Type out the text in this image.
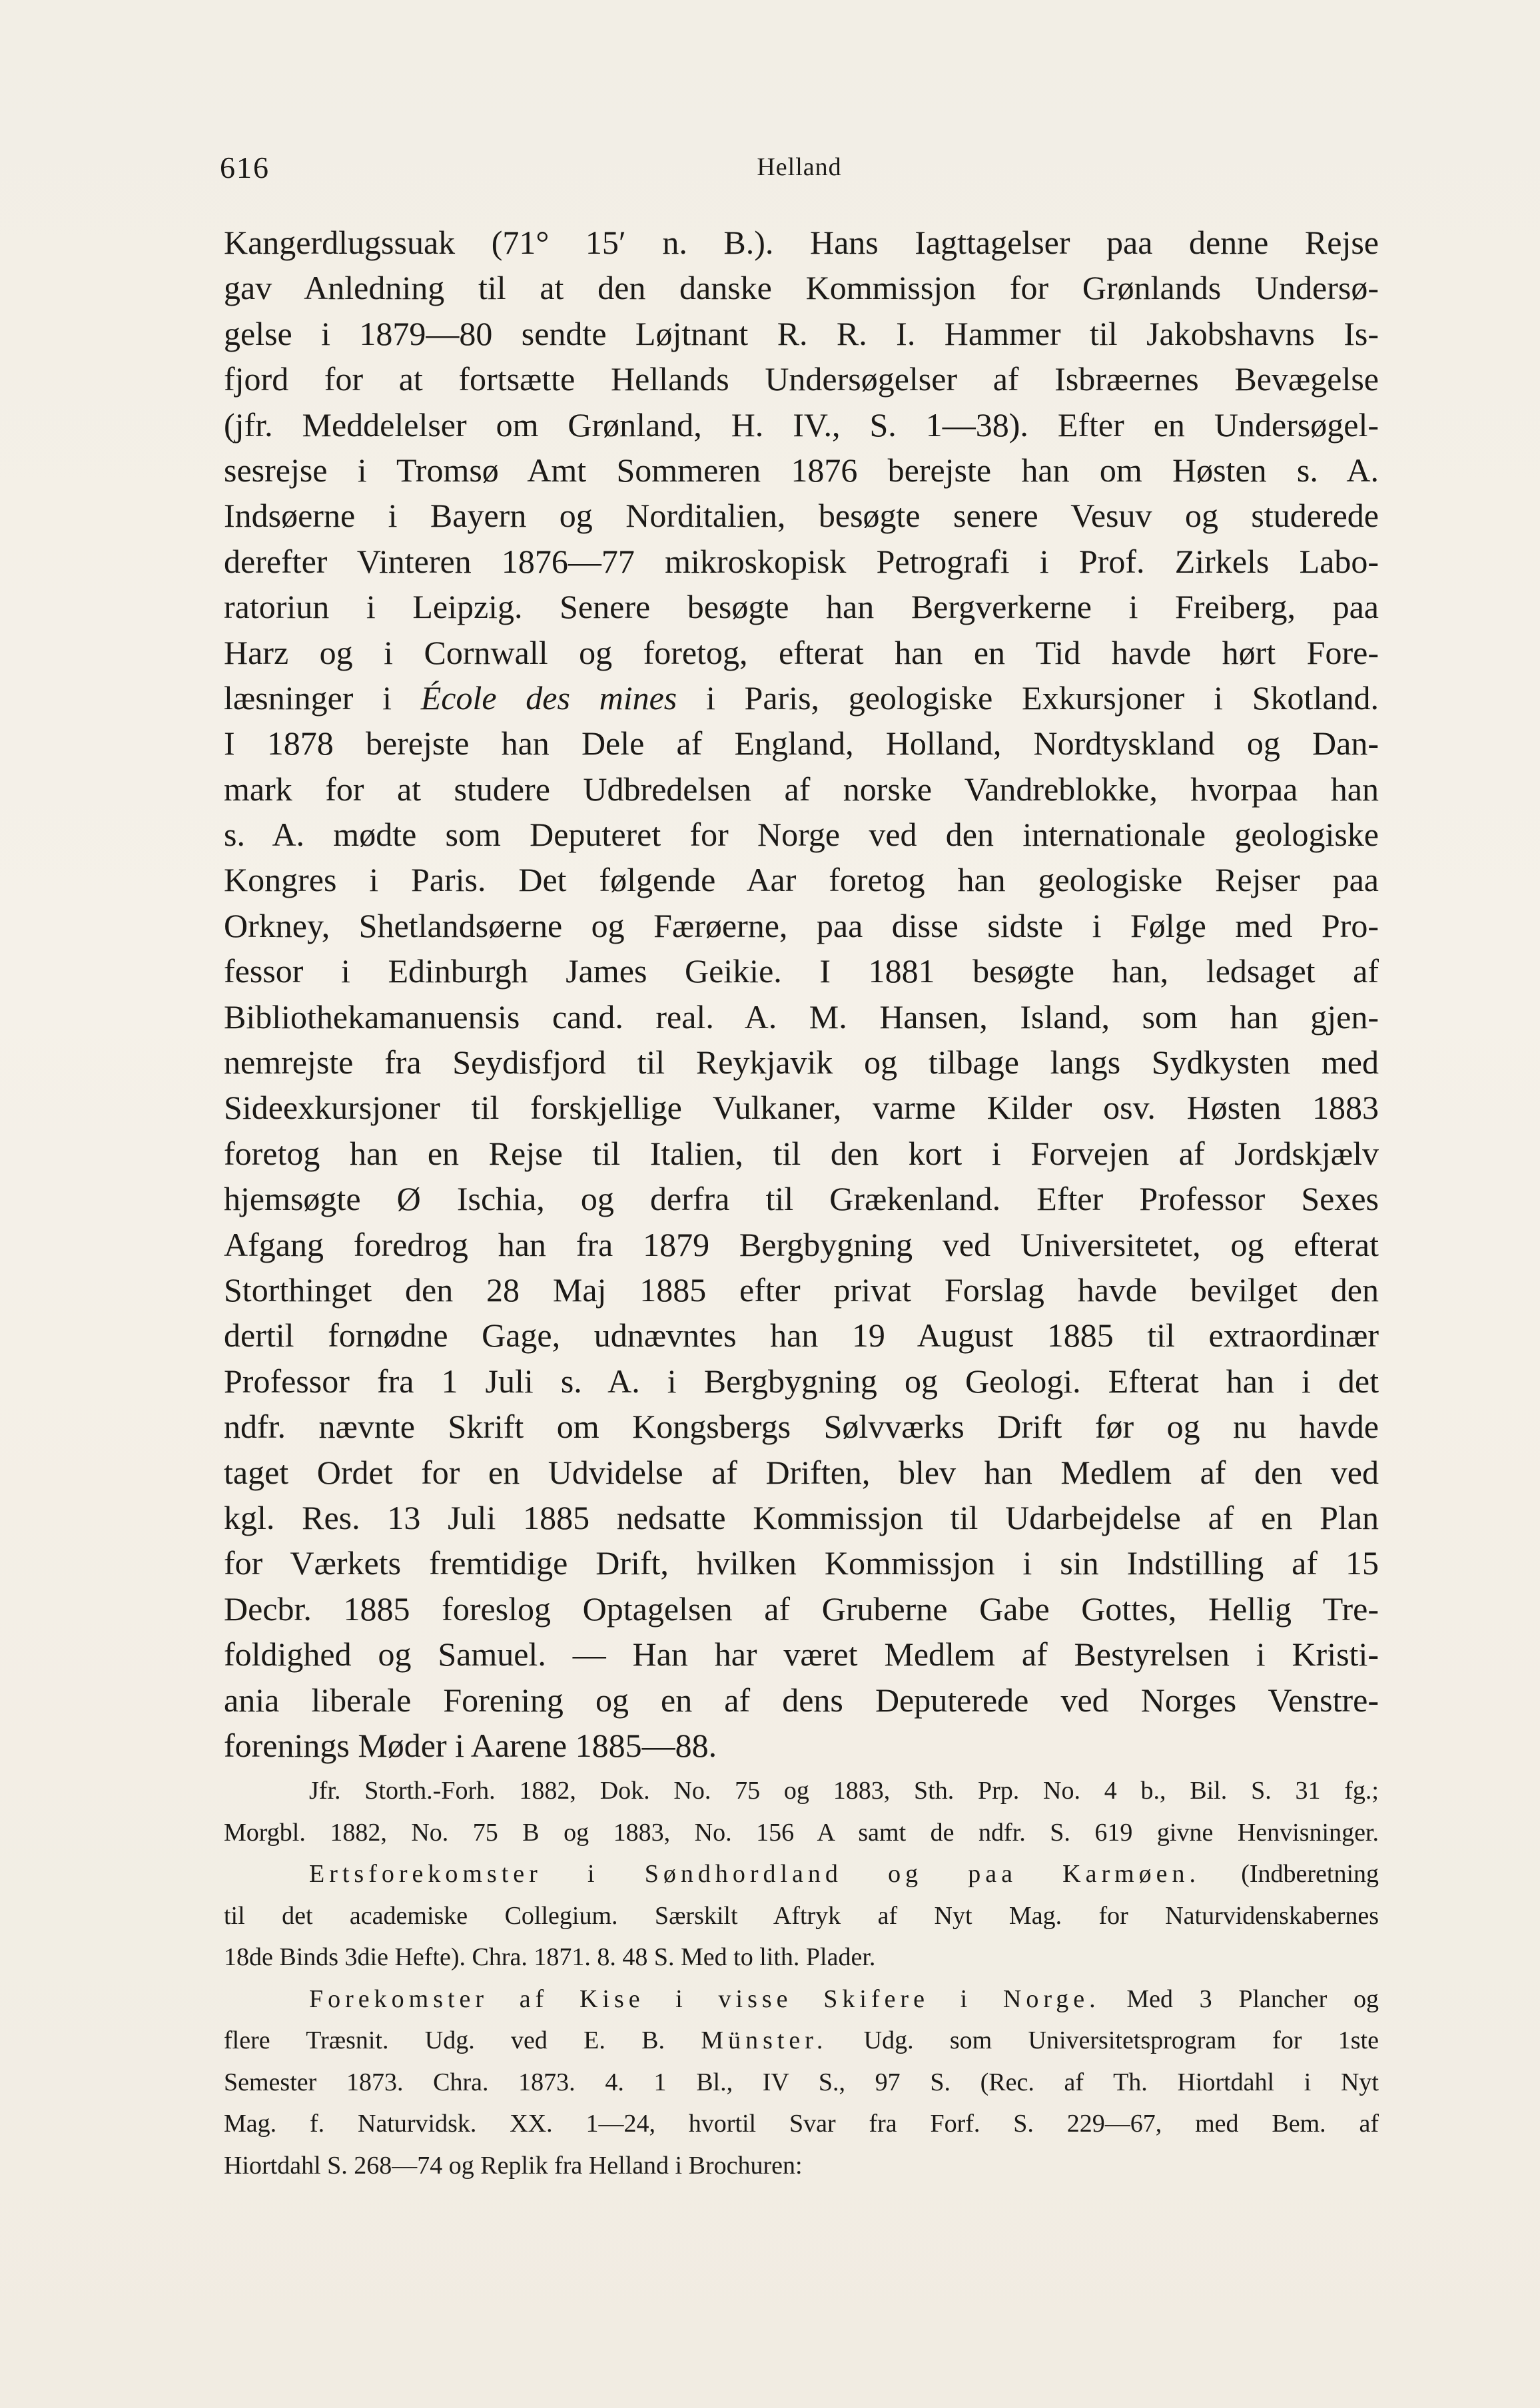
616	Helland
Kangerdlugssuak (71° 15′ n. B.). Hans Iagttagelser paa denne Rejse
gav Anledning til at den danske Kommissjon for Grønlands Undersø-
gelse i 1879—80 sendte Løjtnant R. R. I. Hammer til Jakobshavns Is-
fjord for at fortsætte Hellands Undersøgelser af Isbræernes Bevægelse
(jfr. Meddelelser om Grønland, H. IV., S. 1—38). Efter en Undersøgel-
sesrejse i Tromsø Amt Sommeren 1876 berejste han om Høsten s. A.
Indsøerne i Bayern og Norditalien, besøgte senere Vesuv og studerede
derefter Vinteren 1876—77 mikroskopisk Petrografi i Prof. Zirkels Labo-
ratoriun i Leipzig. Senere besøgte han Bergverkerne i Freiberg, paa
Harz og i Cornwall og foretog, efterat han en Tid havde hørt Fore-
læsninger i École des mines i Paris, geologiske Exkursjoner i Skotland.
I 1878 berejste han Dele af England, Holland, Nordtyskland og Dan-
mark for at studere Udbredelsen af norske Vandreblokke, hvorpaa han
s. A. mødte som Deputeret for Norge ved den internationale geologiske
Kongres i Paris. Det følgende Aar foretog han geologiske Rejser paa
Orkney, Shetlandsøerne og Færøerne, paa disse sidste i Følge med Pro-
fessor i Edinburgh James Geikie. I 1881 besøgte han, ledsaget af
Bibliothekamanuensis cand. real. A. M. Hansen, Island, som han gjen-
nemrejste fra Seydisfjord til Reykjavik og tilbage langs Sydkysten med
Sideexkursjoner til forskjellige Vulkaner, varme Kilder osv. Høsten 1883
foretog han en Rejse til Italien, til den kort i Forvejen af Jordskjælv
hjemsøgte Ø Ischia, og derfra til Grækenland. Efter Professor Sexes
Afgang foredrog han fra 1879 Bergbygning ved Universitetet, og efterat
Storthinget den 28 Maj 1885 efter privat Forslag havde bevilget den
dertil fornødne Gage, udnævntes han 19 August 1885 til extraordinær
Professor fra 1 Juli s. A. i Bergbygning og Geologi. Efterat han i det
ndfr. nævnte Skrift om Kongsbergs Sølvværks Drift før og nu havde
taget Ordet for en Udvidelse af Driften, blev han Medlem af den ved
kgl. Res. 13 Juli 1885 nedsatte Kommissjon til Udarbejdelse af en Plan
for Værkets fremtidige Drift, hvilken Kommissjon i sin Indstilling af 15
Decbr. 1885 foreslog Optagelsen af Gruberne Gabe Gottes, Hellig Tre-
foldighed og Samuel. — Han har været Medlem af Bestyrelsen i Kristi-
ania liberale Forening og en af dens Deputerede ved Norges Venstre-
forenings Møder i Aarene 1885—88.
Jfr. Storth.-Forh. 1882, Dok. No. 75 og 1883, Sth. Prp. No. 4 b., Bil. S. 31 fg.;
Morgbl. 1882, No. 75 B og 1883, No. 156 A samt de ndfr. S. 619 givne Henvisninger.
Ertsforekomster i Søndhordland og paa Karmøen. (Indberetning
til det academiske Collegium. Særskilt Aftryk af Nyt Mag. for Naturvidenskabernes
18de Binds 3die Hefte). Chra. 1871. 8. 48 S. Med to lith. Plader.
Forekomster af Kise i visse Skifere i Norge. Med 3 Plancher og
flere Træsnit. Udg. ved E. B. Münster. Udg. som Universitetsprogram for 1ste
Semester 1873. Chra. 1873. 4. 1 Bl., IV S., 97 S. (Rec. af Th. Hiortdahl i Nyt
Mag. f. Naturvidsk. XX. 1—24, hvortil Svar fra Forf. S. 229—67, med Bem. af
Hiortdahl S. 268—74 og Replik fra Helland i Brochuren:
